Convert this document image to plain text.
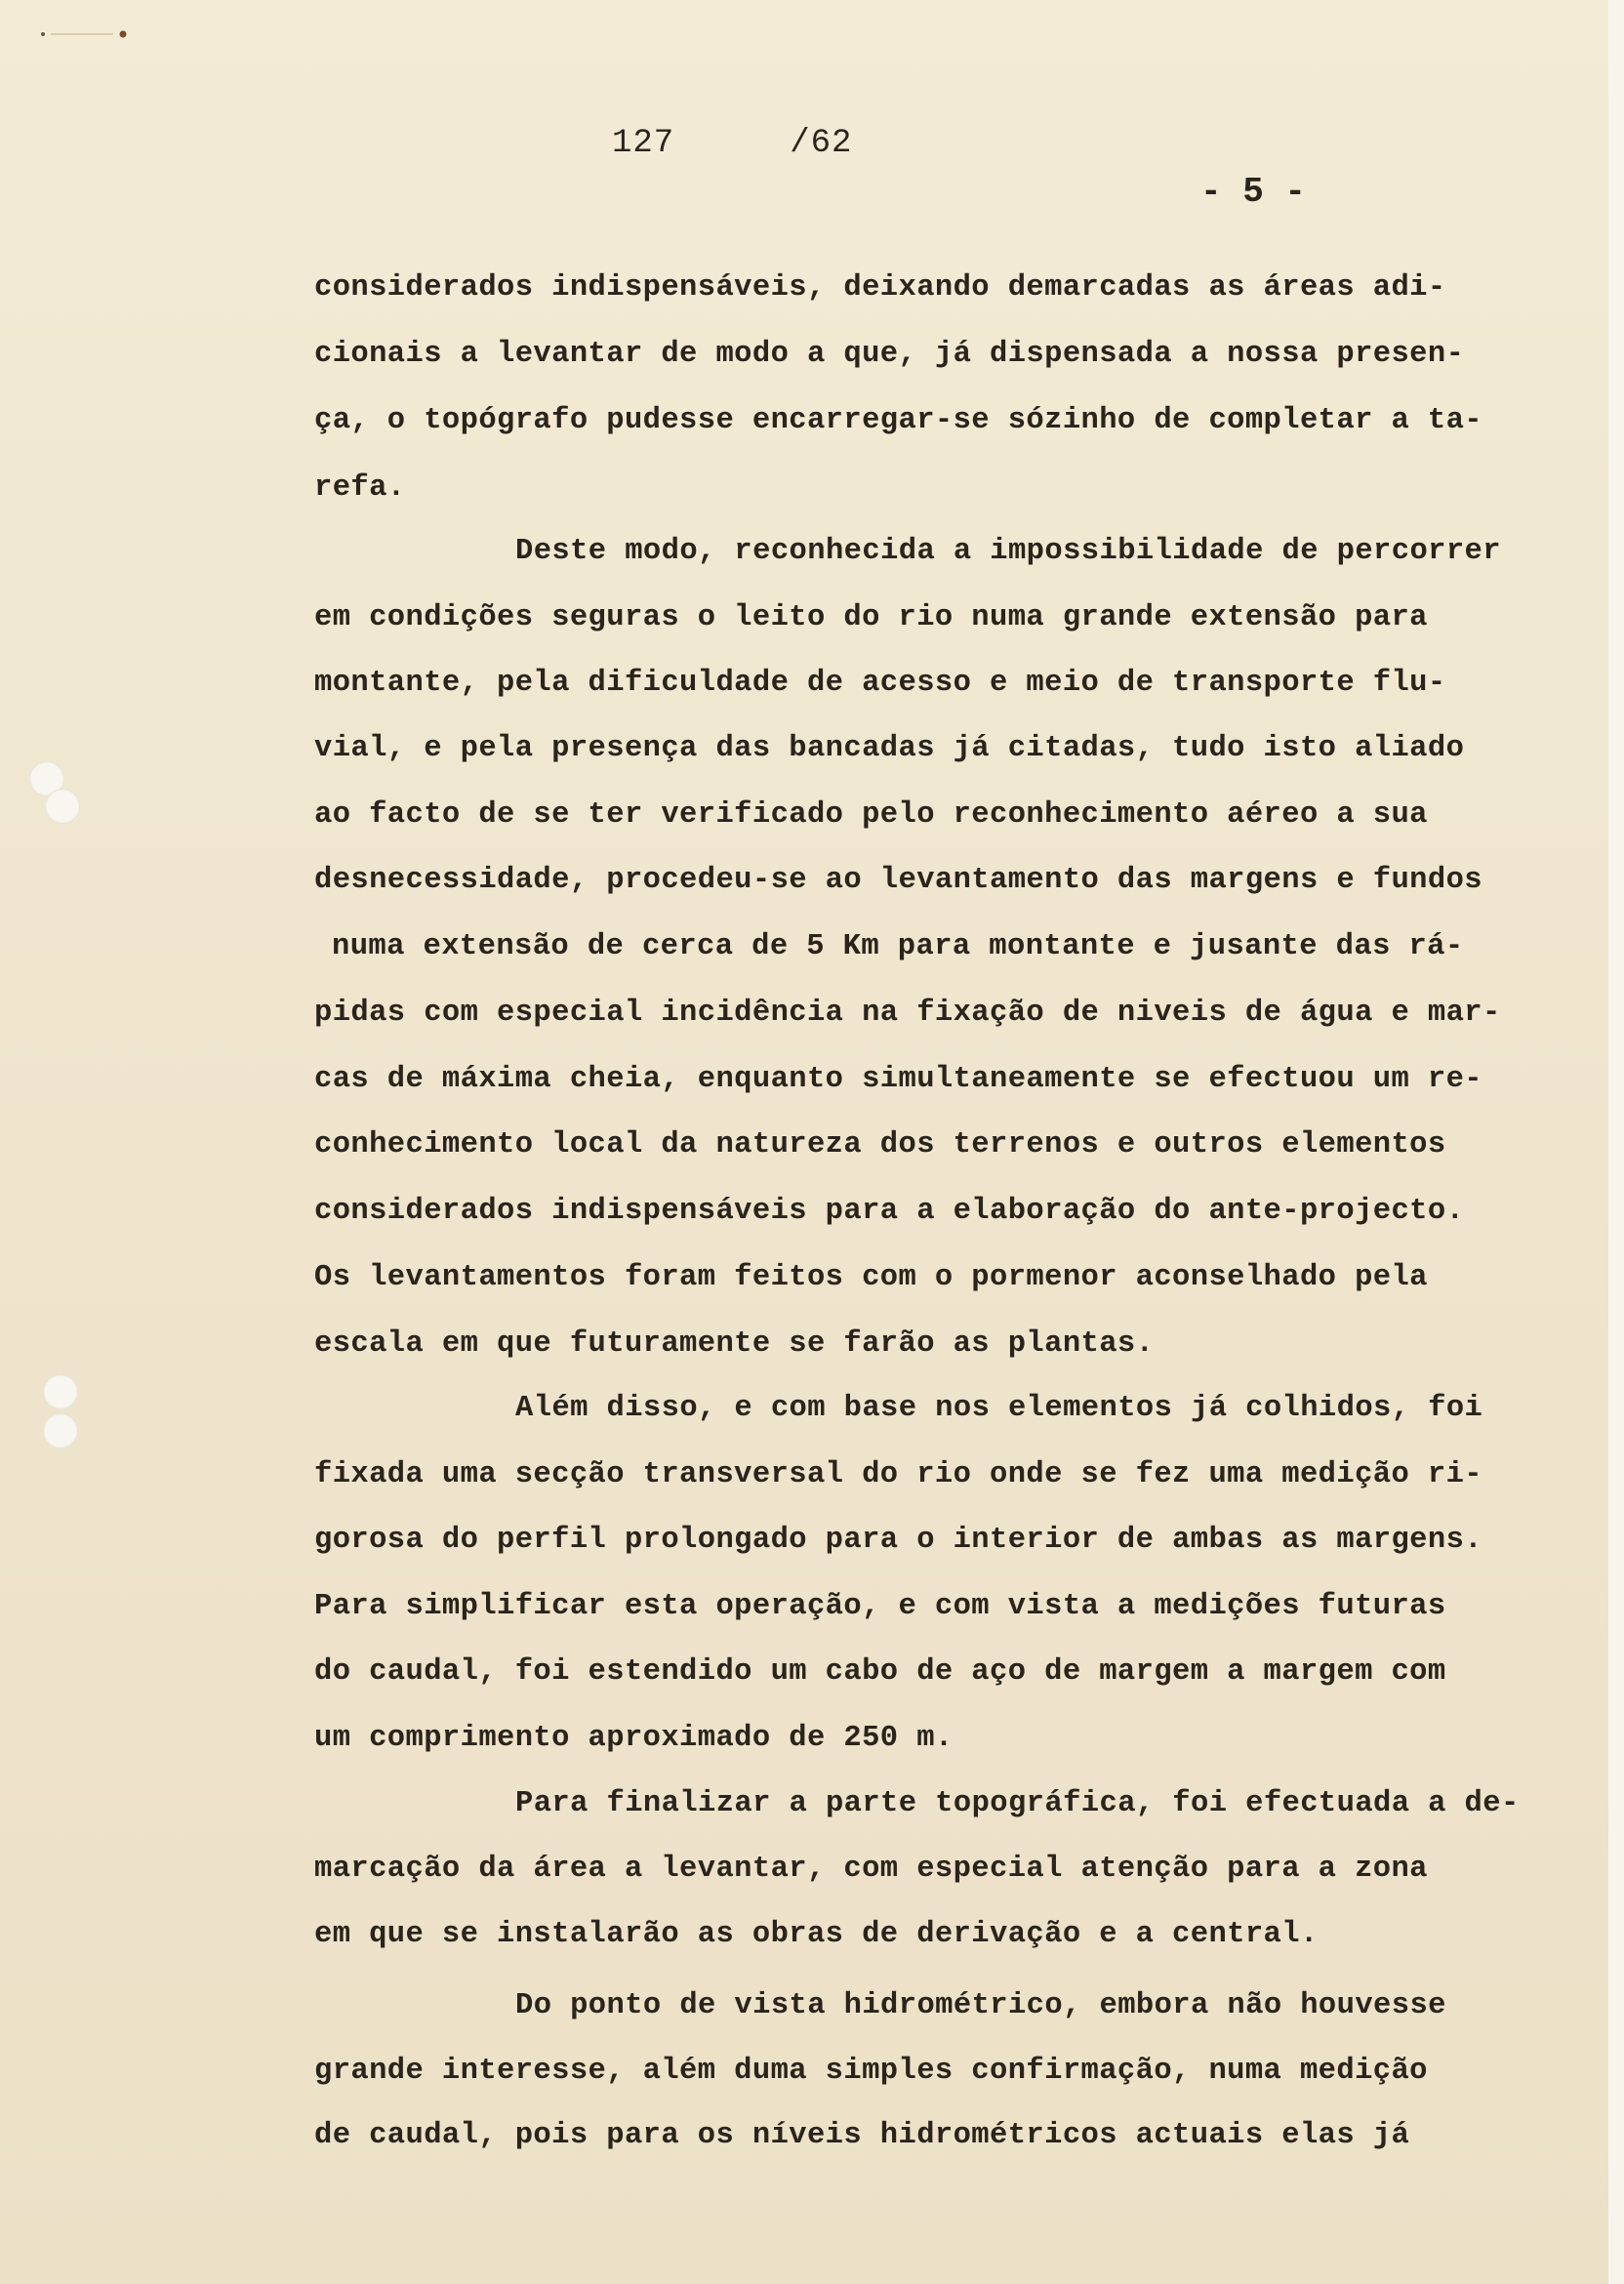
127	/62
- 5 -
considerados indispensáveis, deixando demarcadas as áreas adi-
cionais a levantar de modo a que, já dispensada a nossa presen-
ça, o topógrafo pudesse encarregar-se sózinho de completar a ta-
refa.
Deste modo, reconhecida a impossibilidade de percorrer
em condições seguras o leito do rio numa grande extensão para
montante, pela dificuldade de acesso e meio de transporte flu-
vial, e pela presença das bancadas já citadas, tudo isto aliado
ao facto de se ter verificado pelo reconhecimento aéreo a sua
desnecessidade, procedeu-se ao levantamento das margens e fundos
numa extensão de cerca de 5 Km para montante e jusante das rá-
pidas com especial incidência na fixação de niveis de água e mar-
cas de máxima cheia, enquanto simultaneamente se efectuou um re-
conhecimento local da natureza dos terrenos e outros elementos
considerados indispensáveis para a elaboração do ante-projecto.
Os levantamentos foram feitos com o pormenor aconselhado pela
escala em que futuramente se farão as plantas.
Além disso, e com base nos elementos já colhidos, foi
fixada uma secção transversal do rio onde se fez uma medição ri-
gorosa do perfil prolongado para o interior de ambas as margens.
Para simplificar esta operação, e com vista a medições futuras
do caudal, foi estendido um cabo de aço de margem a margem com
um comprimento aproximado de 250 m.
Para finalizar a parte topográfica, foi efectuada a de-
marcação da área a levantar, com especial atenção para a zona
em que se instalarão as obras de derivação e a central.
Do ponto de vista hidrométrico, embora não houvesse
grande interesse, além duma simples confirmação, numa medição
de caudal, pois para os níveis hidrométricos actuais elas já
